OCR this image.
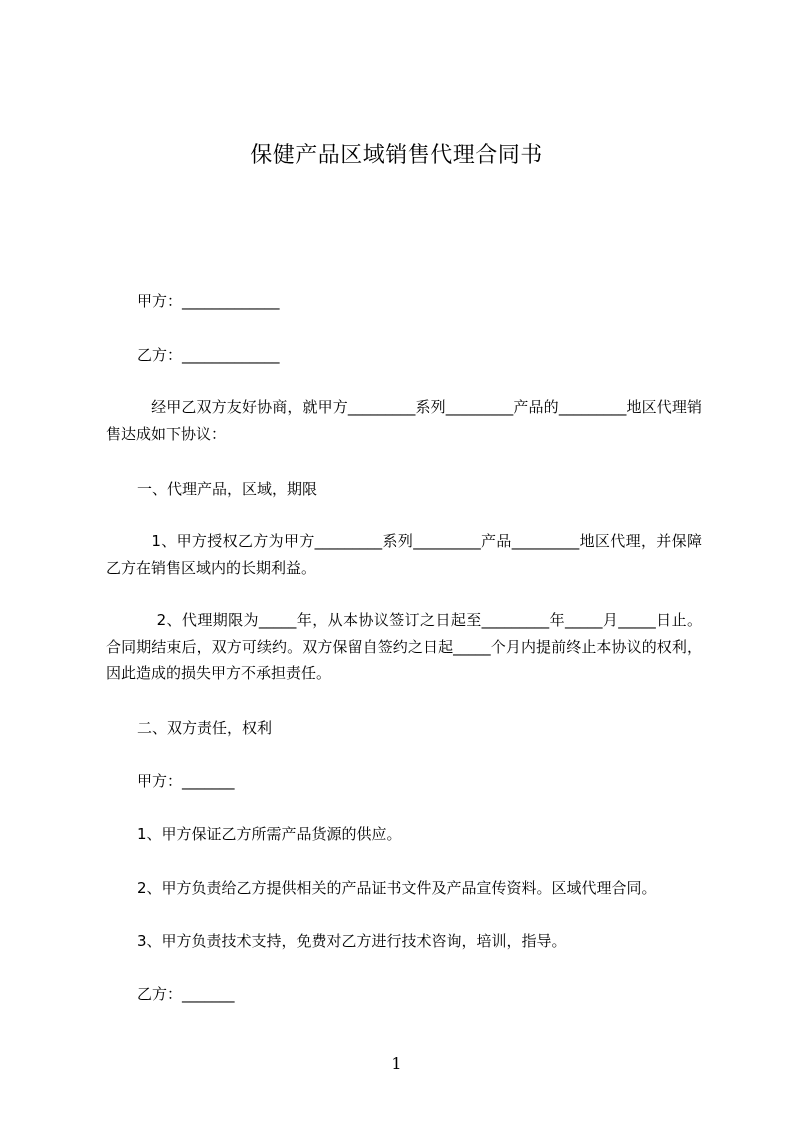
保健产品区域销售代理合同书
甲方：_____________
乙方：_____________
　经甲乙双方友好协商，就甲方_________系列_________产品的_________地区代理销售达成如下协议：
一、代理产品，区域，期限
　1、甲方授权乙方为甲方_________系列_________产品_________地区代理，并保障乙方在销售区域内的长期利益。
　 2、代理期限为_____年，从本协议签订之日起至_________年_____月_____日止。 合同期结束后，双方可续约。双方保留自签约之日起_____个月内提前终止本协议的权利，因此造成的损失甲方不承担责任。
二、双方责任，权利
甲方：_______
1、甲方保证乙方所需产品货源的供应。
2、甲方负责给乙方提供相关的产品证书文件及产品宣传资料。区域代理合同。
3、甲方负责技术支持，免费对乙方进行技术咨询，培训，指导。
乙方：_______
1
